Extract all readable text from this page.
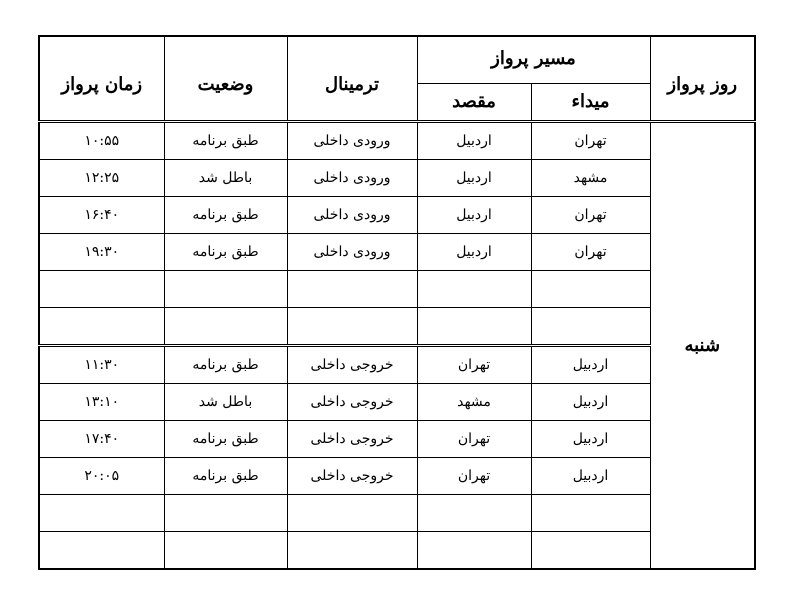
زمان پرواز	وضعیت	ترمینال	مسیر پرواز		روز پرواز
			مقصد	میداء	
۱۰:۵۵	طبق برنامه	ورودی داخلی	اردبیل	تهران	شنبه
۱۲:۲۵	باطل شد	ورودی داخلی	اردبیل	مشهد	
۱۶:۴۰	طبق برنامه	ورودی داخلی	اردبیل	تهران	
۱۹:۳۰	طبق برنامه	ورودی داخلی	اردبیل	تهران	

۱۱:۳۰	طبق برنامه	خروجی داخلی	تهران	اردبیل	
۱۳:۱۰	باطل شد	خروجی داخلی	مشهد	اردبیل	
۱۷:۴۰	طبق برنامه	خروجی داخلی	تهران	اردبیل	
۲۰:۰۵	طبق برنامه	خروجی داخلی	تهران	اردبیل	
